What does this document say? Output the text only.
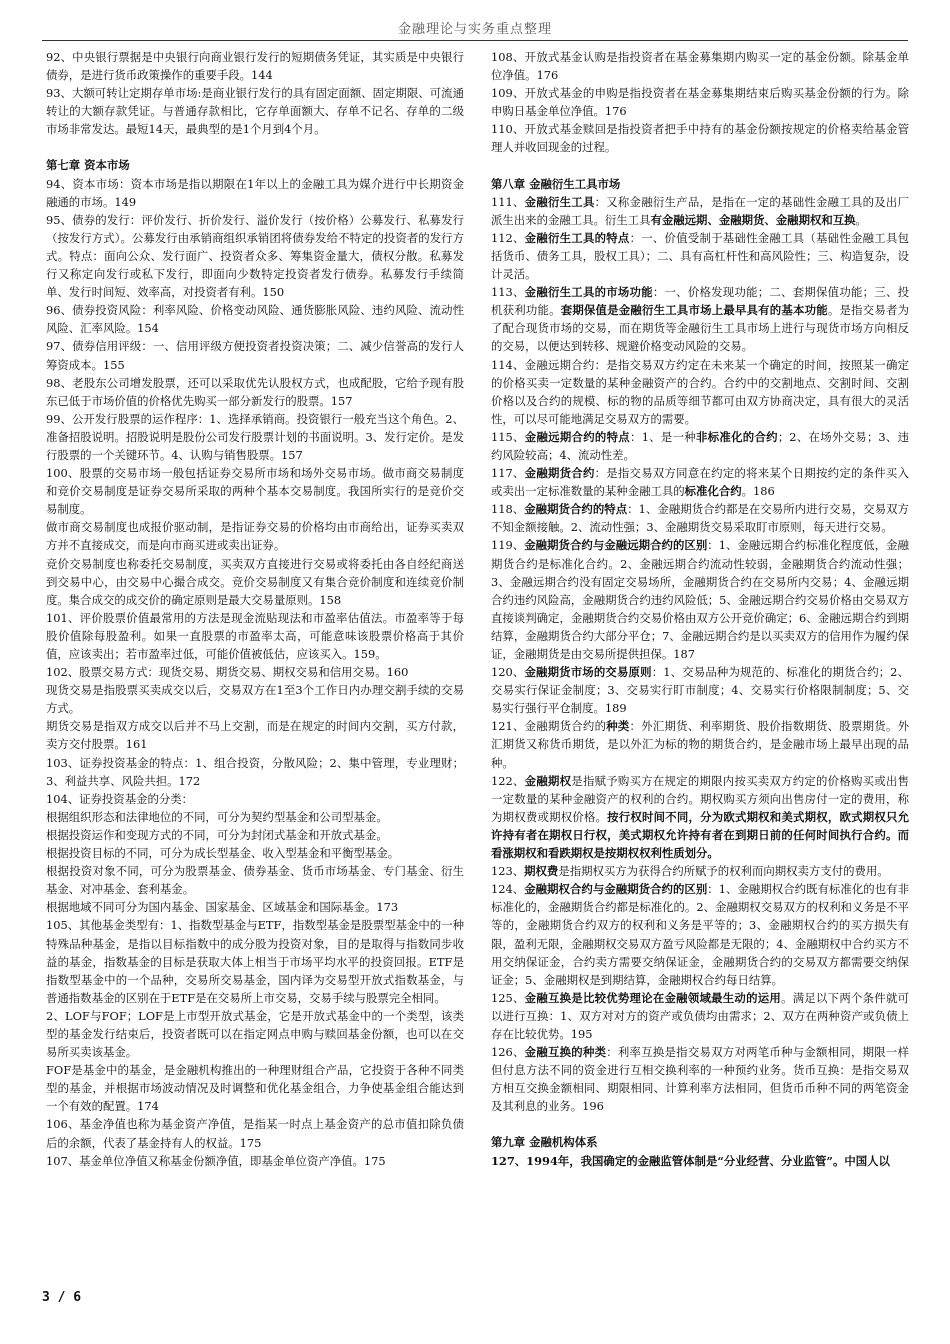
金融理论与实务重点整理

92、中央银行票据是中央银行向商业银行发行的短期债务凭证，其实质是中央银行债券，是进行货币政策操作的重要手段。144

93、大额可转让定期存单市场:是商业银行发行的具有固定面额、固定期限、可流通转让的大额存款凭证。与普通存款相比，它存单面额大、存单不记名、存单的二级市场非常发达。最短14天，最典型的是1个月到4个月。

第七章 资本市场

94、资本市场：资本市场是指以期限在1年以上的金融工具为媒介进行中长期资金融通的市场。149

95、债券的发行：评价发行、折价发行、溢价发行（按价格）公募发行、私募发行（按发行方式）。公募发行由承销商组织承销团将债券发给不特定的投资者的发行方式。特点：面向公众、发行面广、投资者众多、筹集资金量大，债权分散。私募发行又称定向发行或私下发行，即面向少数特定投资者发行债券。私募发行手续简单、发行时间短、效率高，对投资者有利。150

96、债券投资风险：利率风险、价格变动风险、通货膨胀风险、违约风险、流动性风险、汇率风险。154

97、债券信用评级：一、信用评级方便投资者投资决策；二、减少信誉高的发行人筹资成本。155

98、老股东公司增发股票，还可以采取优先认股权方式，也成配股，它给予现有股东已低于市场价值的价格优先购买一部分新发行的股票。157

99、公开发行股票的运作程序：1、选择承销商。投资银行一般充当这个角色。2、准备招股说明。招股说明是股份公司发行股票计划的书面说明。3、发行定价。是发行股票的一个关键环节。4、认购与销售股票。157

100、股票的交易市场一般包括证券交易所市场和场外交易市场。做市商交易制度和竞价交易制度是证券交易所采取的两种个基本交易制度。我国所实行的是竞价交易制度。

做市商交易制度也成报价驱动制，是指证券交易的价格均由市商给出，证券买卖双方并不直接成交，而是向市商买进或卖出证券。

竞价交易制度也称委托交易制度，买卖双方直接进行交易或将委托由各自经纪商送到交易中心，由交易中心撮合成交。竞价交易制度又有集合竞价制度和连续竞价制度。集合成交的成交价的确定原则是最大交易量原则。158

101、评价股票价值最常用的方法是现金流贴现法和市盈率估值法。市盈率等于每股价值除每股盈利。如果一直股票的市盈率太高，可能意味该股票价格高于其价值，应该卖出；若市盈率过低，可能价值被低估，应该买入。159。

102、股票交易方式：现货交易、期货交易、期权交易和信用交易。160

现货交易是指股票买卖成交以后，交易双方在1至3个工作日内办理交割手续的交易方式。

期货交易是指双方成交以后并不马上交割，而是在规定的时间内交割，买方付款，卖方交付股票。161

103、证券投资基金的特点：1、组合投资，分散风险；2、集中管理，专业理财；3、利益共享、风险共担。172

104、证券投资基金的分类：

根据组织形态和法律地位的不同，可分为契约型基金和公司型基金。

根据投资运作和变现方式的不同，可分为封闭式基金和开放式基金。

根据投资目标的不同，可分为成长型基金、收入型基金和平衡型基金。

根据投资对象不同，可分为股票基金、债券基金、货币市场基金、专门基金、衍生基金、对冲基金、套利基金。

根据地域不同可分为国内基金、国家基金、区域基金和国际基金。173

105、其他基金类型有：1、指数型基金与ETF，指数型基金是股票型基金中的一种特殊品种基金，是指以目标指数中的成分股为投资对象，目的是取得与指数同步收益的基金，指数基金的目标是获取大体上相当于市场平均水平的投资回报。ETF是指数型基金中的一个品种，交易所交易基金，国内译为交易型开放式指数基金，与普通指数基金的区别在于ETF是在交易所上市交易，交易手续与股票完全相同。

2、LOF与FOF；LOF是上市型开放式基金，它是开放式基金中的一个类型，该类型的基金发行结束后，投资者既可以在指定网点申购与赎回基金份额，也可以在交易所买卖该基金。

FOF是基金中的基金，是金融机构推出的一种理财组合产品，它投资于各种不同类型的基金，并根据市场波动情况及时调整和优化基金组合，力争使基金组合能达到一个有效的配置。174

106、基金净值也称为基金资产净值，是指某一时点上基金资产的总市值扣除负债后的余额，代表了基金持有人的权益。175

107、基金单位净值又称基金份额净值，即基金单位资产净值。175

108、开放式基金认购是指投资者在基金募集期内购买一定的基金份额。除基金单位净值。176

109、开放式基金的申购是指投资者在基金募集期结束后购买基金份额的行为。除申购日基金单位净值。176

110、开放式基金赎回是指投资者把手中持有的基金份额按规定的价格卖给基金管理人并收回现金的过程。

第八章 金融衍生工具市场

111、金融衍生工具：又称金融衍生产品，是指在一定的基础性金融工具的及出厂派生出来的金融工具。衍生工具有金融远期、金融期货、金融期权和互换。

112、金融衍生工具的特点：一、价值受制于基础性金融工具（基础性金融工具包括货币、债务工具，股权工具）；二、具有高杠杆性和高风险性；三、构造复杂，设计灵活。

113、金融衍生工具的市场功能：一、价格发现功能；二、套期保值功能；三、投机获利功能。套期保值是金融衍生工具市场上最早具有的基本功能。是指交易者为了配合现货市场的交易，而在期货等金融衍生工具市场上进行与现货市场方向相反的交易，以便达到转移、规避价格变动风险的交易。

114、金融远期合约：是指交易双方约定在未来某一个确定的时间，按照某一确定的价格买卖一定数量的某种金融资产的合约。合约中的交割地点、交割时间、交割价格以及合约的规模、标的物的品质等细节都可由双方协商决定，具有很大的灵活性，可以尽可能地满足交易双方的需要。

115、金融远期合约的特点：1、是一种非标准化的合约；2、在场外交易；3、违约风险较高；4、流动性差。

117、金融期货合约：是指交易双方同意在约定的将来某个日期按约定的条件买入或卖出一定标准数量的某种金融工具的标准化合约。186

118、金融期货合约的特点：1、金融期货合约都是在交易所内进行交易，交易双方不知金额接触。2、流动性强；3、金融期货交易采取盯市原则，每天进行交易。

119、金融期货合约与金融远期合约的区别：1、金融远期合约标准化程度低，金融期货合约是标准化合约。2、金融远期合约流动性较弱，金融期货合约流动性强；3、金融远期合约没有固定交易场所，金融期货合约在交易所内交易；4、金融远期合约违约风险高，金融期货合约违约风险低；5、金融远期合约交易价格由交易双方直接谈判确定，金融期货合约交易价格由双方公开竞价确定；6、金融远期合约到期结算，金融期货合约大部分平仓；7、金融远期合约是以买卖双方的信用作为履约保证，金融期货是由交易所提供担保。187

120、金融期货市场的交易原则：1、交易品种为规范的、标准化的期货合约；2、交易实行保证金制度；3、交易实行盯市制度；4、交易实行价格限制制度；5、交易实行强行平仓制度。189

121、金融期货合约的种类：外汇期货、利率期货、股价指数期货、股票期货。外汇期货又称货币期货，是以外汇为标的物的期货合约，是金融市场上最早出现的品种。

122、金融期权是指赋予购买方在规定的期限内按买卖双方约定的价格购买或出售一定数量的某种金融资产的权利的合约。期权购买方须向出售房付一定的费用，称为期权费或期权价格。按行权时间不同，分为欧式期权和美式期权，欧式期权只允许持有者在期权日行权，美式期权允许持有者在到期日前的任何时间执行合约。而看涨期权和看跌期权是按期权权利性质划分。

123、期权费是指期权买方为获得合约所赋予的权利而向期权卖方支付的费用。

124、金融期权合约与金融期货合约的区别：1、金融期权合约既有标准化的也有非标准化的，金融期货合约都是标准化的。2、金融期权交易双方的权利和义务是不平等的，金融期货合约双方的权利和义务是平等的；3、金融期权合约的买方损失有限，盈利无限，金融期权交易双方盈亏风险都是无限的；4、金融期权中合约买方不用交纳保证金，合约卖方需要交纳保证金，金融期货合约的交易双方都需要交纳保证金；5、金融期权是到期结算，金融期权合约每日结算。

125、金融互换是比较优势理论在金融领域最生动的运用。满足以下两个条件就可以进行互换：1、双方对对方的资产或负债均由需求；2、双方在两种资产或负债上存在比较优势。195

126、金融互换的种类：利率互换是指交易双方对两笔币种与金额相同，期限一样但付息方法不同的资金进行互相交换利率的一种预约业务。货币互换：是指交易双方相互交换金额相同、期限相同、计算利率方法相同，但货币币种不同的两笔资金及其利息的业务。196

第九章 金融机构体系

127、1994年，我国确定的金融监管体制是“分业经营、分业监管”。中国人以

3 / 6
